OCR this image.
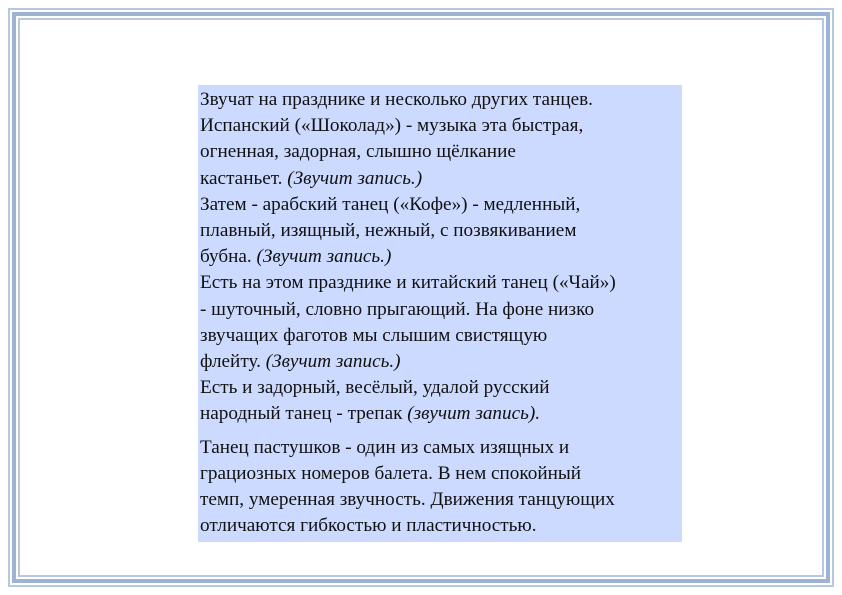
Звучат на празднике и несколько других танцев.
Испанский («Шоколад») - музыка эта быстрая,
огненная, задорная, слышно щёлкание
кастаньет. (Звучит запись.)

Затем - арабский танец («Кофе») - медленный,
плавный, изящный, нежный, с позвякиванием
бубна. (Звучит запись.)

Есть на этом празднике и китайский танец («Чай»)
- шуточный, словно прыгающий. На фоне низко
звучащих фаготов мы слышим свистящую
флейту. (Звучит запись.)

Есть и задорный, весёлый, удалой русский
народный танец - трепак (звучит запись).

Танец пастушков - один из самых изящных и
грациозных номеров балета. В нем спокойный
темп, умеренная звучность. Движения танцующих
отличаются гибкостью и пластичностью.
